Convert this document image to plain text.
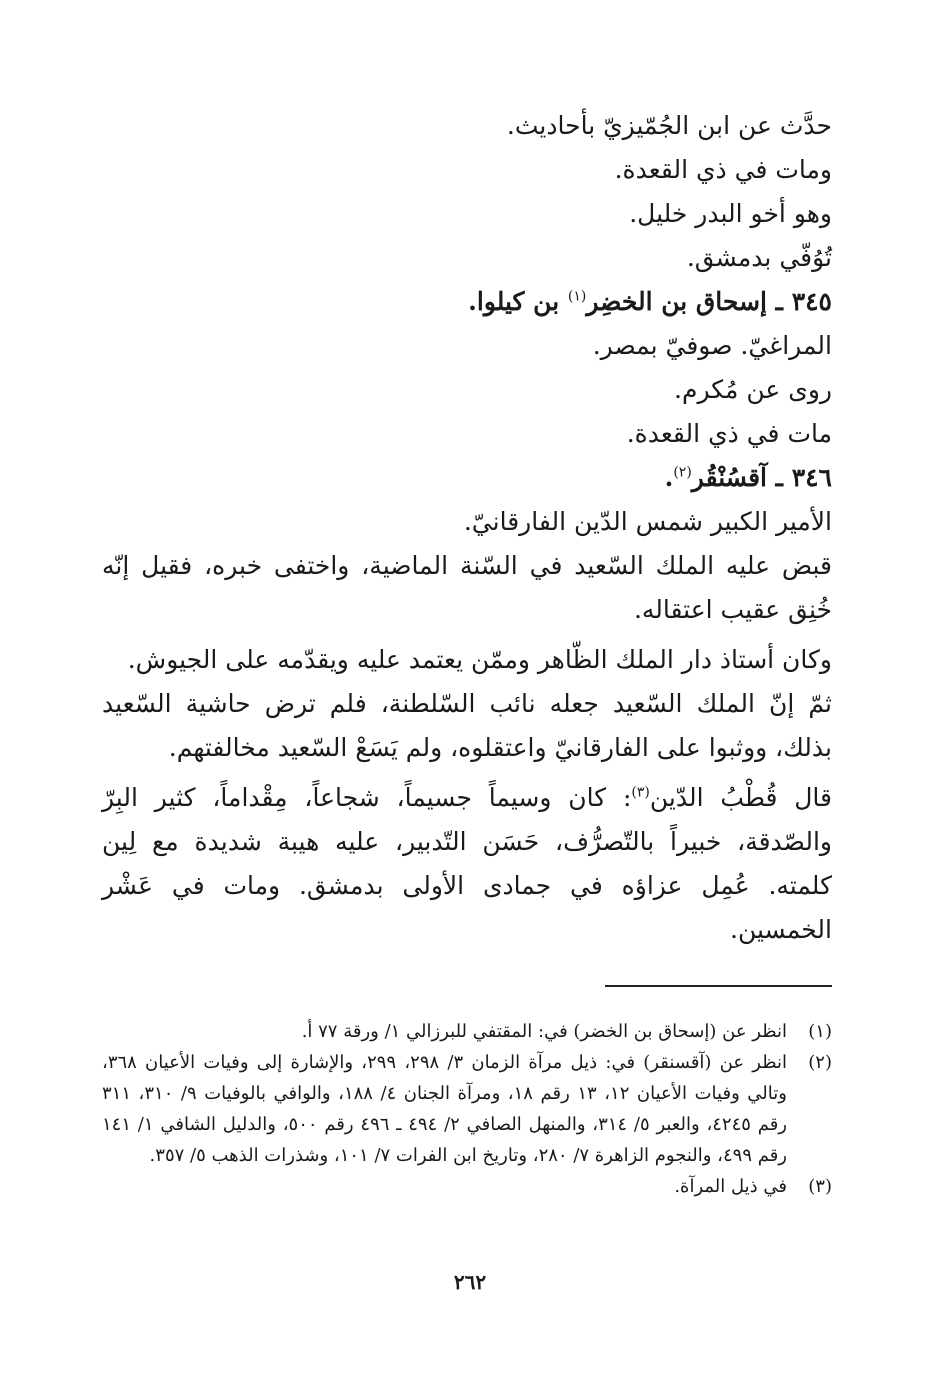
حدَّث عن ابن الجُمّيزيّ بأحاديث.

ومات في ذي القعدة.

وهو أخو البدر خليل.

تُوُفّي بدمشق.

٣٤٥ ـ إسحاق بن الخضِر$^{(١)}$ بن كيلوا.

المراغيّ. صوفيّ بمصر.

روى عن مُكرم.

مات في ذي القعدة.

٣٤٦ ـ آقسُنْقُر$^{(٢)}$.

الأمير الكبير شمس الدّين الفارقانيّ.

قبض عليه الملك السّعيد في السّنة الماضية، واختفى خبره، فقيل إنّه خُنِق عقيب اعتقاله.

وكان أستاذ دار الملك الظّاهر وممّن يعتمد عليه ويقدّمه على الجيوش.

ثمّ إنّ الملك السّعيد جعله نائب السّلطنة، فلم ترض حاشية السّعيد بذلك، ووثبوا على الفارقانيّ واعتقلوه، ولم يَسَعْ السّعيد مخالفتهم.

قال قُطْبُ الدّين$^{(٣)}$: كان وسيماً جسيماً، شجاعاً، مِقْداماً، كثير البِرّ والصّدقة، خبيراً بالتّصرُّف، حَسَن التّدبير، عليه هيبة شديدة مع لِين كلمته. عُمِل عزاؤه في جمادى الأولى بدمشق. ومات في عَشْر الخمسين.

(١)
انظر عن (إسحاق بن الخضر) في: المقتفي للبرزالي ١/ ورقة ٧٧ أ.
(٢)
انظر عن (آقسنقر) في: ذيل مرآة الزمان ٣/ ٢٩٨، ٢٩٩، والإشارة إلى وفيات الأعيان ٣٦٨، وتالي وفيات الأعيان ١٢، ١٣ رقم ١٨، ومرآة الجنان ٤/ ١٨٨، والوافي بالوفيات ٩/ ٣١٠، ٣١١ رقم ٤٢٤٥، والعبر ٥/ ٣١٤، والمنهل الصافي ٢/ ٤٩٤ ـ ٤٩٦ رقم ٥٠٠، والدليل الشافي ١/ ١٤١ رقم ٤٩٩، والنجوم الزاهرة ٧/ ٢٨٠، وتاريخ ابن الفرات ٧/ ١٠١، وشذرات الذهب ٥/ ٣٥٧.
(٣)
في ذيل المرآة.
٢٦٢
